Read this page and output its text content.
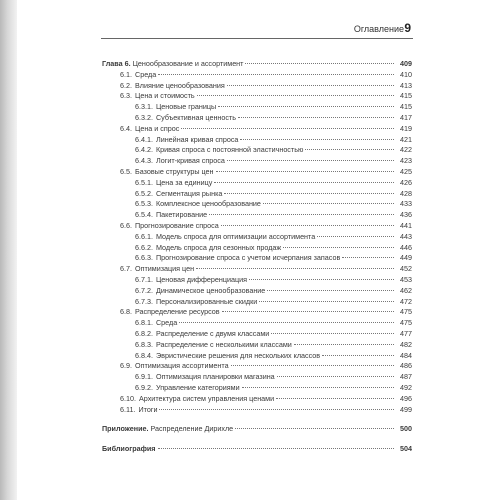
Оглавление 9
Глава 6. Ценообразование и ассортимент	409
6.1. Среда	410
6.2. Влияние ценообразования	413
6.3. Цена и стоимость	415
6.3.1. Ценовые границы	415
6.3.2. Субъективная ценность	417
6.4. Цена и спрос	419
6.4.1. Линейная кривая спроса	421
6.4.2. Кривая спроса с постоянной эластичностью	422
6.4.3. Логит-кривая спроса	423
6.5. Базовые структуры цен	425
6.5.1. Цена за единицу	426
6.5.2. Сегментация рынка	428
6.5.3. Комплексное ценообразование	433
6.5.4. Пакетирование	436
6.6. Прогнозирование спроса	441
6.6.1. Модель спроса для оптимизации ассортимента	443
6.6.2. Модель спроса для сезонных продаж	446
6.6.3. Прогнозирование спроса с учетом исчерпания запасов	449
6.7. Оптимизация цен	452
6.7.1. Ценовая дифференциация	453
6.7.2. Динамическое ценообразование	462
6.7.3. Персонализированные скидки	472
6.8. Распределение ресурсов	475
6.8.1. Среда	475
6.8.2. Распределение с двумя классами	477
6.8.3. Распределение с несколькими классами	482
6.8.4. Эвристические решения для нескольких классов	484
6.9. Оптимизация ассортимента	486
6.9.1. Оптимизация планировки магазина	487
6.9.2. Управление категориями	492
6.10. Архитектура систем управления ценами	496
6.11. Итоги	499
Приложение. Распределение Дирихле	500
Библиография	504
